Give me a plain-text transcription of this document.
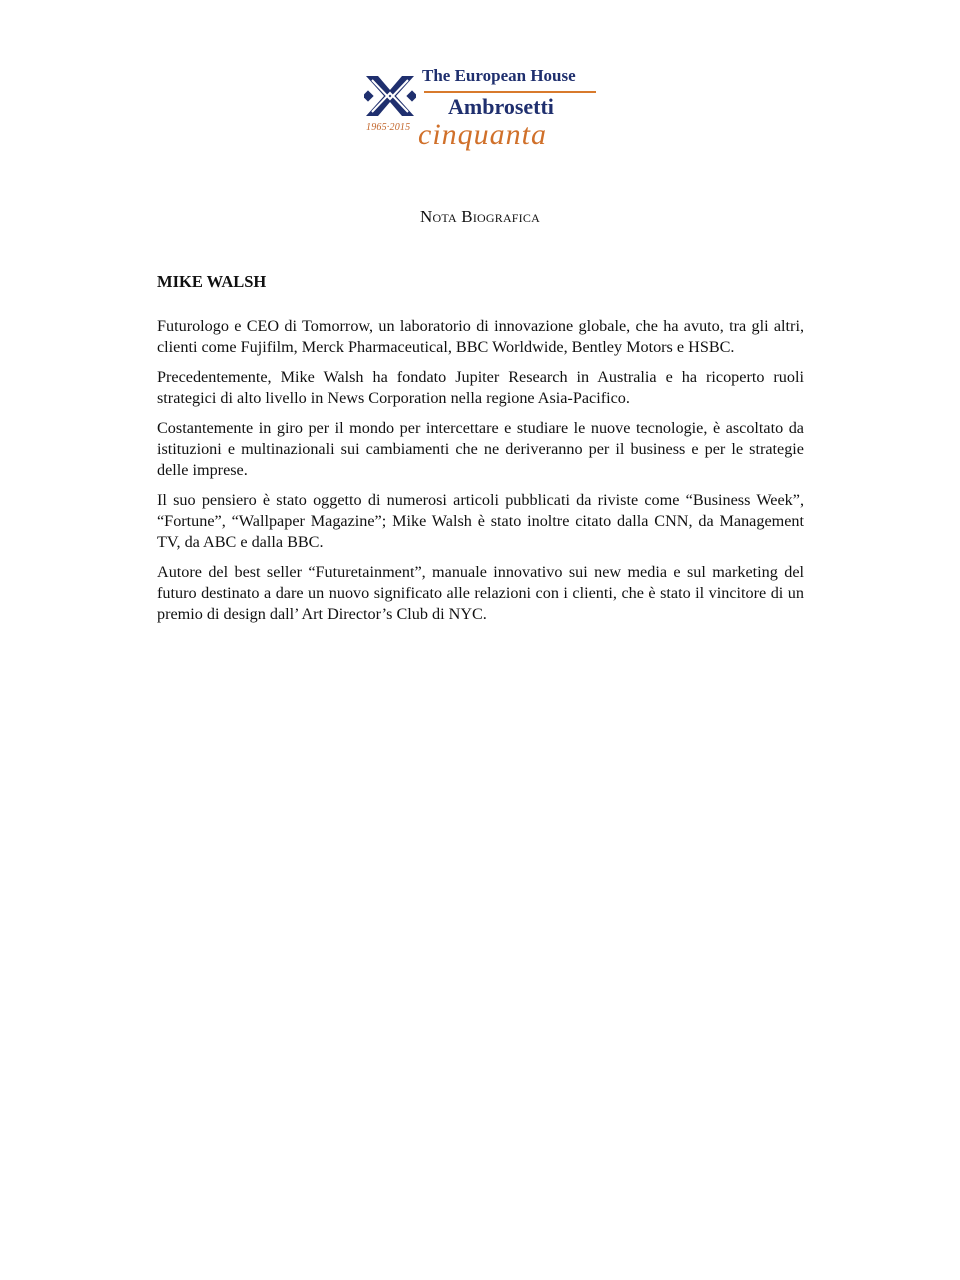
1965·2015
The European House
Ambrosetti
cinquanta
Nota Biografica
MIKE WALSH

Futurologo e CEO di Tomorrow, un laboratorio di innovazione globale, che ha avuto, tra gli altri, clienti come Fujifilm, Merck Pharmaceutical, BBC Worldwide, Bentley Motors e HSBC.

Precedentemente, Mike Walsh ha fondato Jupiter Research in Australia e ha ricoperto ruoli strategici di alto livello in News Corporation nella regione Asia-Pacifico.

Costantemente in giro per il mondo per intercettare e studiare le nuove tecnologie, è ascoltato da istituzioni e multinazionali sui cambiamenti che ne deriveranno per il business e per le strategie delle imprese.

Il suo pensiero è stato oggetto di numerosi articoli pubblicati da riviste come “Business Week”, “Fortune”, “Wallpaper Magazine”; Mike Walsh è stato inoltre citato dalla CNN, da Management TV, da ABC e dalla BBC.

Autore del best seller “Futuretainment”, manuale innovativo sui new media e sul marketing del futuro destinato a dare un nuovo significato alle relazioni con i clienti, che è stato il vincitore di un premio di design dall’ Art Director’s Club di NYC.
